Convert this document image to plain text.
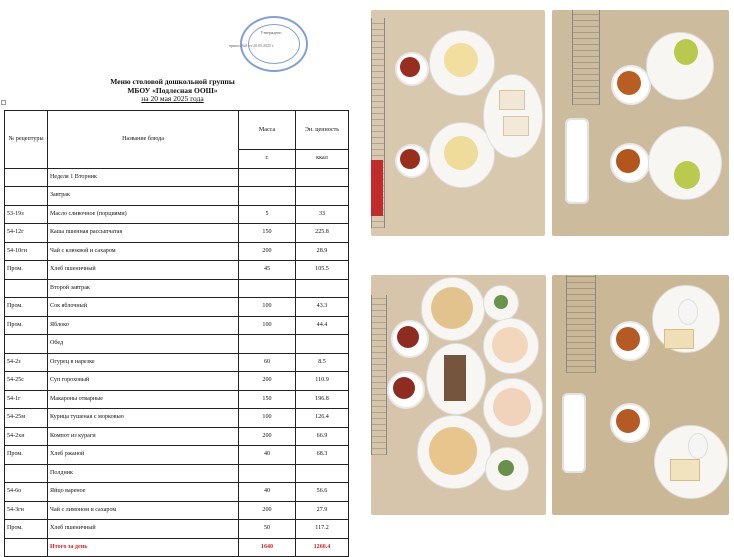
Утверждено
приказ №8 от 20.05.2025 г
Меню столовой дошкольной группы
МБОУ «Подлесная ООШ»
на 20 мая 2025 года
№ рецептуры	Название блюда	Масса	Эн. ценность
		г.	ккал
	Неделя 1 Вторник		
	Завтрак		
53-19з	Масло сливочное (порциями)	5	33
54-12г	Каша пшенная рассыпчатая	150	225.8
54-10гн	Чай с клюквой и сахаром	200	28.9
Пром.	Хлеб пшеничный	45	105.5
	Второй завтрак		
Пром.	Сок яблочный	100	43.3
Пром.	Яблоко	100	44.4
	Обед		
54-2з	Огурец в нарезке	60	8.5
54-25с	Суп гороховый	200	110.9
54-1г	Макароны отварные	150	196.8
54-25м	Курица тушеная с морковью	100	126.4
54-2хн	Компот из кураги	200	66.9
Пром.	Хлеб ржаной	40	68.3
	Полдник		
54-6о	Яйцо вареное	40	56.6
54-3гн	Чай с лимоном и сахаром	200	27.9
Пром.	Хлеб пшеничный	50	117.2
	Итого за день	1640	1260.4
